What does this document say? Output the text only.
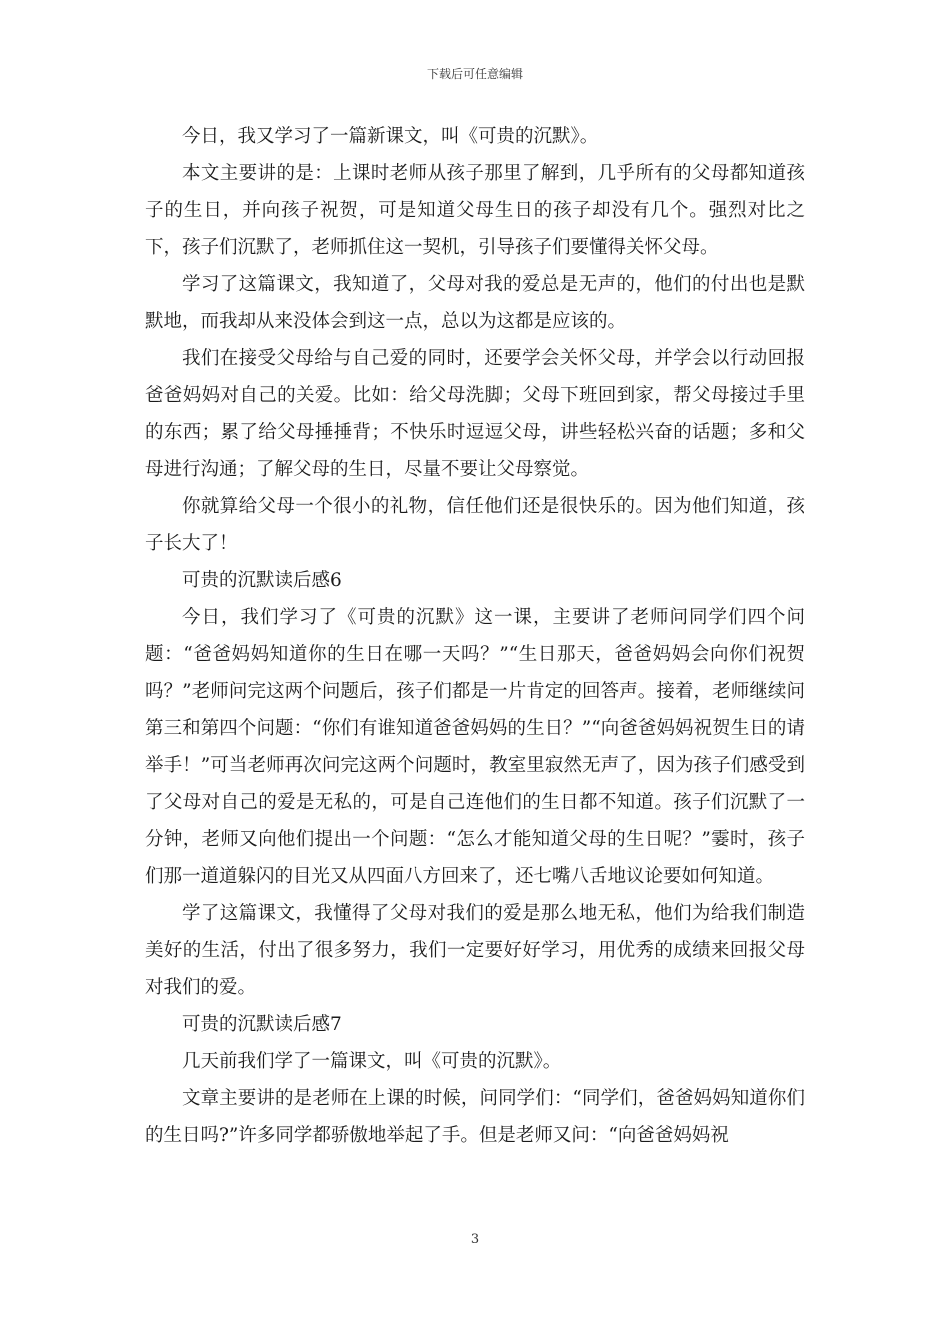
下载后可任意编辑

今日，我又学习了一篇新课文，叫《可贵的沉默》。

本文主要讲的是：上课时老师从孩子那里了解到，几乎所有的父母都知道孩子的生日，并向孩子祝贺，可是知道父母生日的孩子却没有几个。强烈对比之下，孩子们沉默了，老师抓住这一契机，引导孩子们要懂得关怀父母。

学习了这篇课文，我知道了，父母对我的爱总是无声的，他们的付出也是默默地，而我却从来没体会到这一点，总以为这都是应该的。

我们在接受父母给与自己爱的同时，还要学会关怀父母，并学会以行动回报爸爸妈妈对自己的关爱。比如：给父母洗脚；父母下班回到家，帮父母接过手里的东西；累了给父母捶捶背；不快乐时逗逗父母，讲些轻松兴奋的话题；多和父母进行沟通；了解父母的生日，尽量不要让父母察觉。

你就算给父母一个很小的礼物，信任他们还是很快乐的。因为他们知道，孩子长大了！

可贵的沉默读后感6

今日，我们学习了《可贵的沉默》这一课，主要讲了老师问同学们四个问题：“爸爸妈妈知道你的生日在哪一天吗？”“生日那天，爸爸妈妈会向你们祝贺吗？”老师问完这两个问题后，孩子们都是一片肯定的回答声。接着，老师继续问第三和第四个问题：“你们有谁知道爸爸妈妈的生日？”“向爸爸妈妈祝贺生日的请举手！”可当老师再次问完这两个问题时，教室里寂然无声了，因为孩子们感受到了父母对自己的爱是无私的，可是自己连他们的生日都不知道。孩子们沉默了一分钟，老师又向他们提出一个问题：“怎么才能知道父母的生日呢？”霎时，孩子们那一道道躲闪的目光又从四面八方回来了，还七嘴八舌地议论要如何知道。

学了这篇课文，我懂得了父母对我们的爱是那么地无私，他们为给我们制造美好的生活，付出了很多努力，我们一定要好好学习，用优秀的成绩来回报父母对我们的爱。

可贵的沉默读后感7

几天前我们学了一篇课文，叫《可贵的沉默》。

文章主要讲的是老师在上课的时候，问同学们：“同学们，爸爸妈妈知道你们的生日吗?”许多同学都骄傲地举起了手。但是老师又问：“向爸爸妈妈祝

3
